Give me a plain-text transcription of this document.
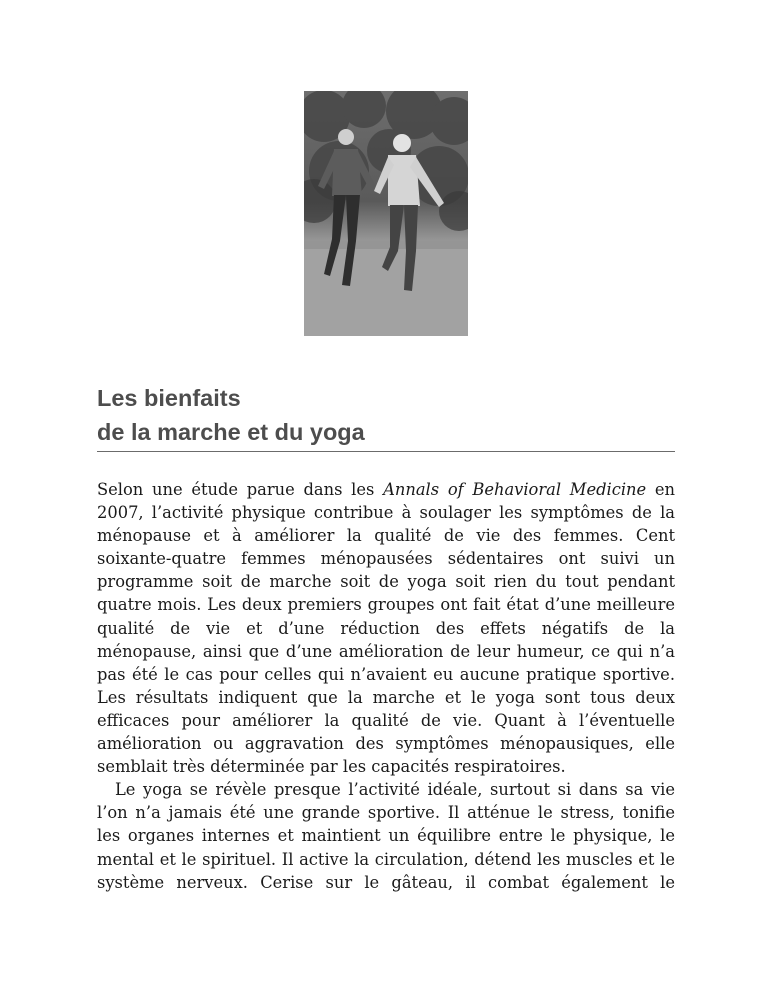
Les bienfaits
de la marche et du yoga
Selon une étude parue dans les Annals of Behavioral Medicine en
2007, l’activité physique contribue à soulager les symptômes de la
ménopause et à améliorer la qualité de vie des femmes. Cent
soixante-quatre femmes ménopausées sédentaires ont suivi un
programme soit de marche soit de yoga soit rien du tout pendant
quatre mois. Les deux premiers groupes ont fait état d’une meilleure
qualité de vie et d’une réduction des effets négatifs de la
ménopause, ainsi que d’une amélioration de leur humeur, ce qui n’a
pas été le cas pour celles qui n’avaient eu aucune pratique sportive.
Les résultats indiquent que la marche et le yoga sont tous deux
efficaces pour améliorer la qualité de vie. Quant à l’éventuelle
amélioration ou aggravation des symptômes ménopausiques, elle
semblait très déterminée par les capacités respiratoires.
Le yoga se révèle presque l’activité idéale, surtout si dans sa vie
l’on n’a jamais été une grande sportive. Il atténue le stress, tonifie
les organes internes et maintient un équilibre entre le physique, le
mental et le spirituel. Il active la circulation, détend les muscles et le
système nerveux. Cerise sur le gâteau, il combat également le
